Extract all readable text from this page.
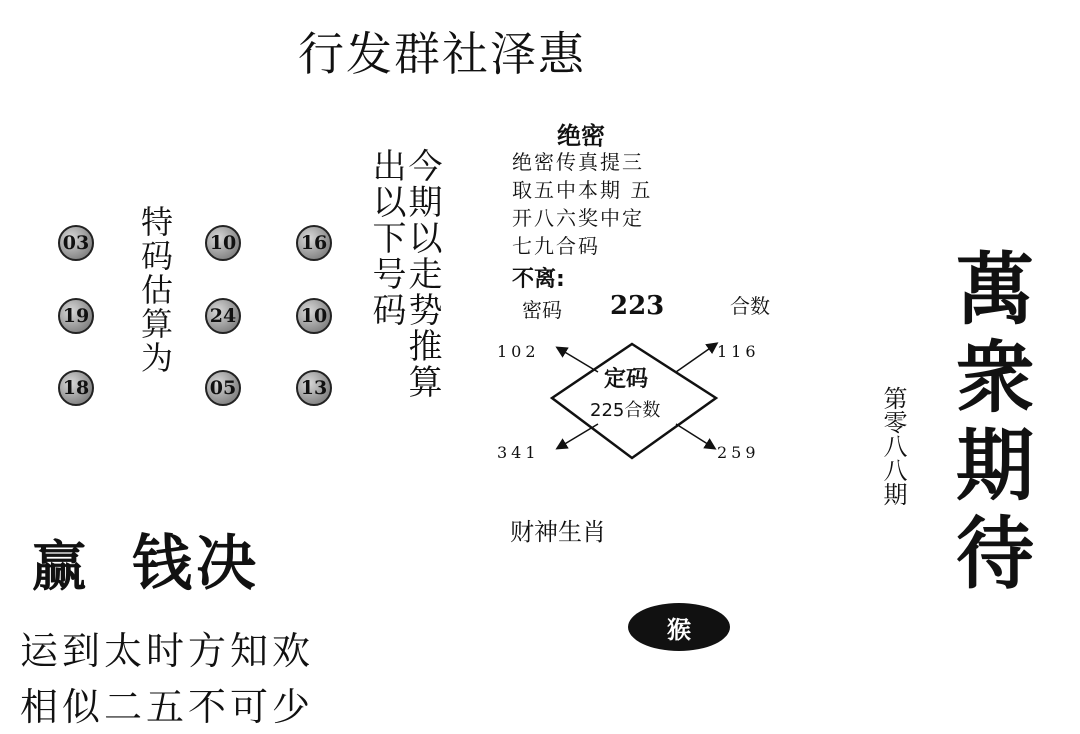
行发群社泽惠
03	10	16
19	24	10
18	05	13
特码估算为	今期以走势推算
出以下号码
绝密
绝密传真提三
取五中本期 五
开八六奖中定
七九合码
不离:
密码 223	合数
定码
225合数
102	116
341	259
财神生肖
猴
第零八八期 萬衆期待
赢 钱决
运到太时方知欢
相似二五不可少
